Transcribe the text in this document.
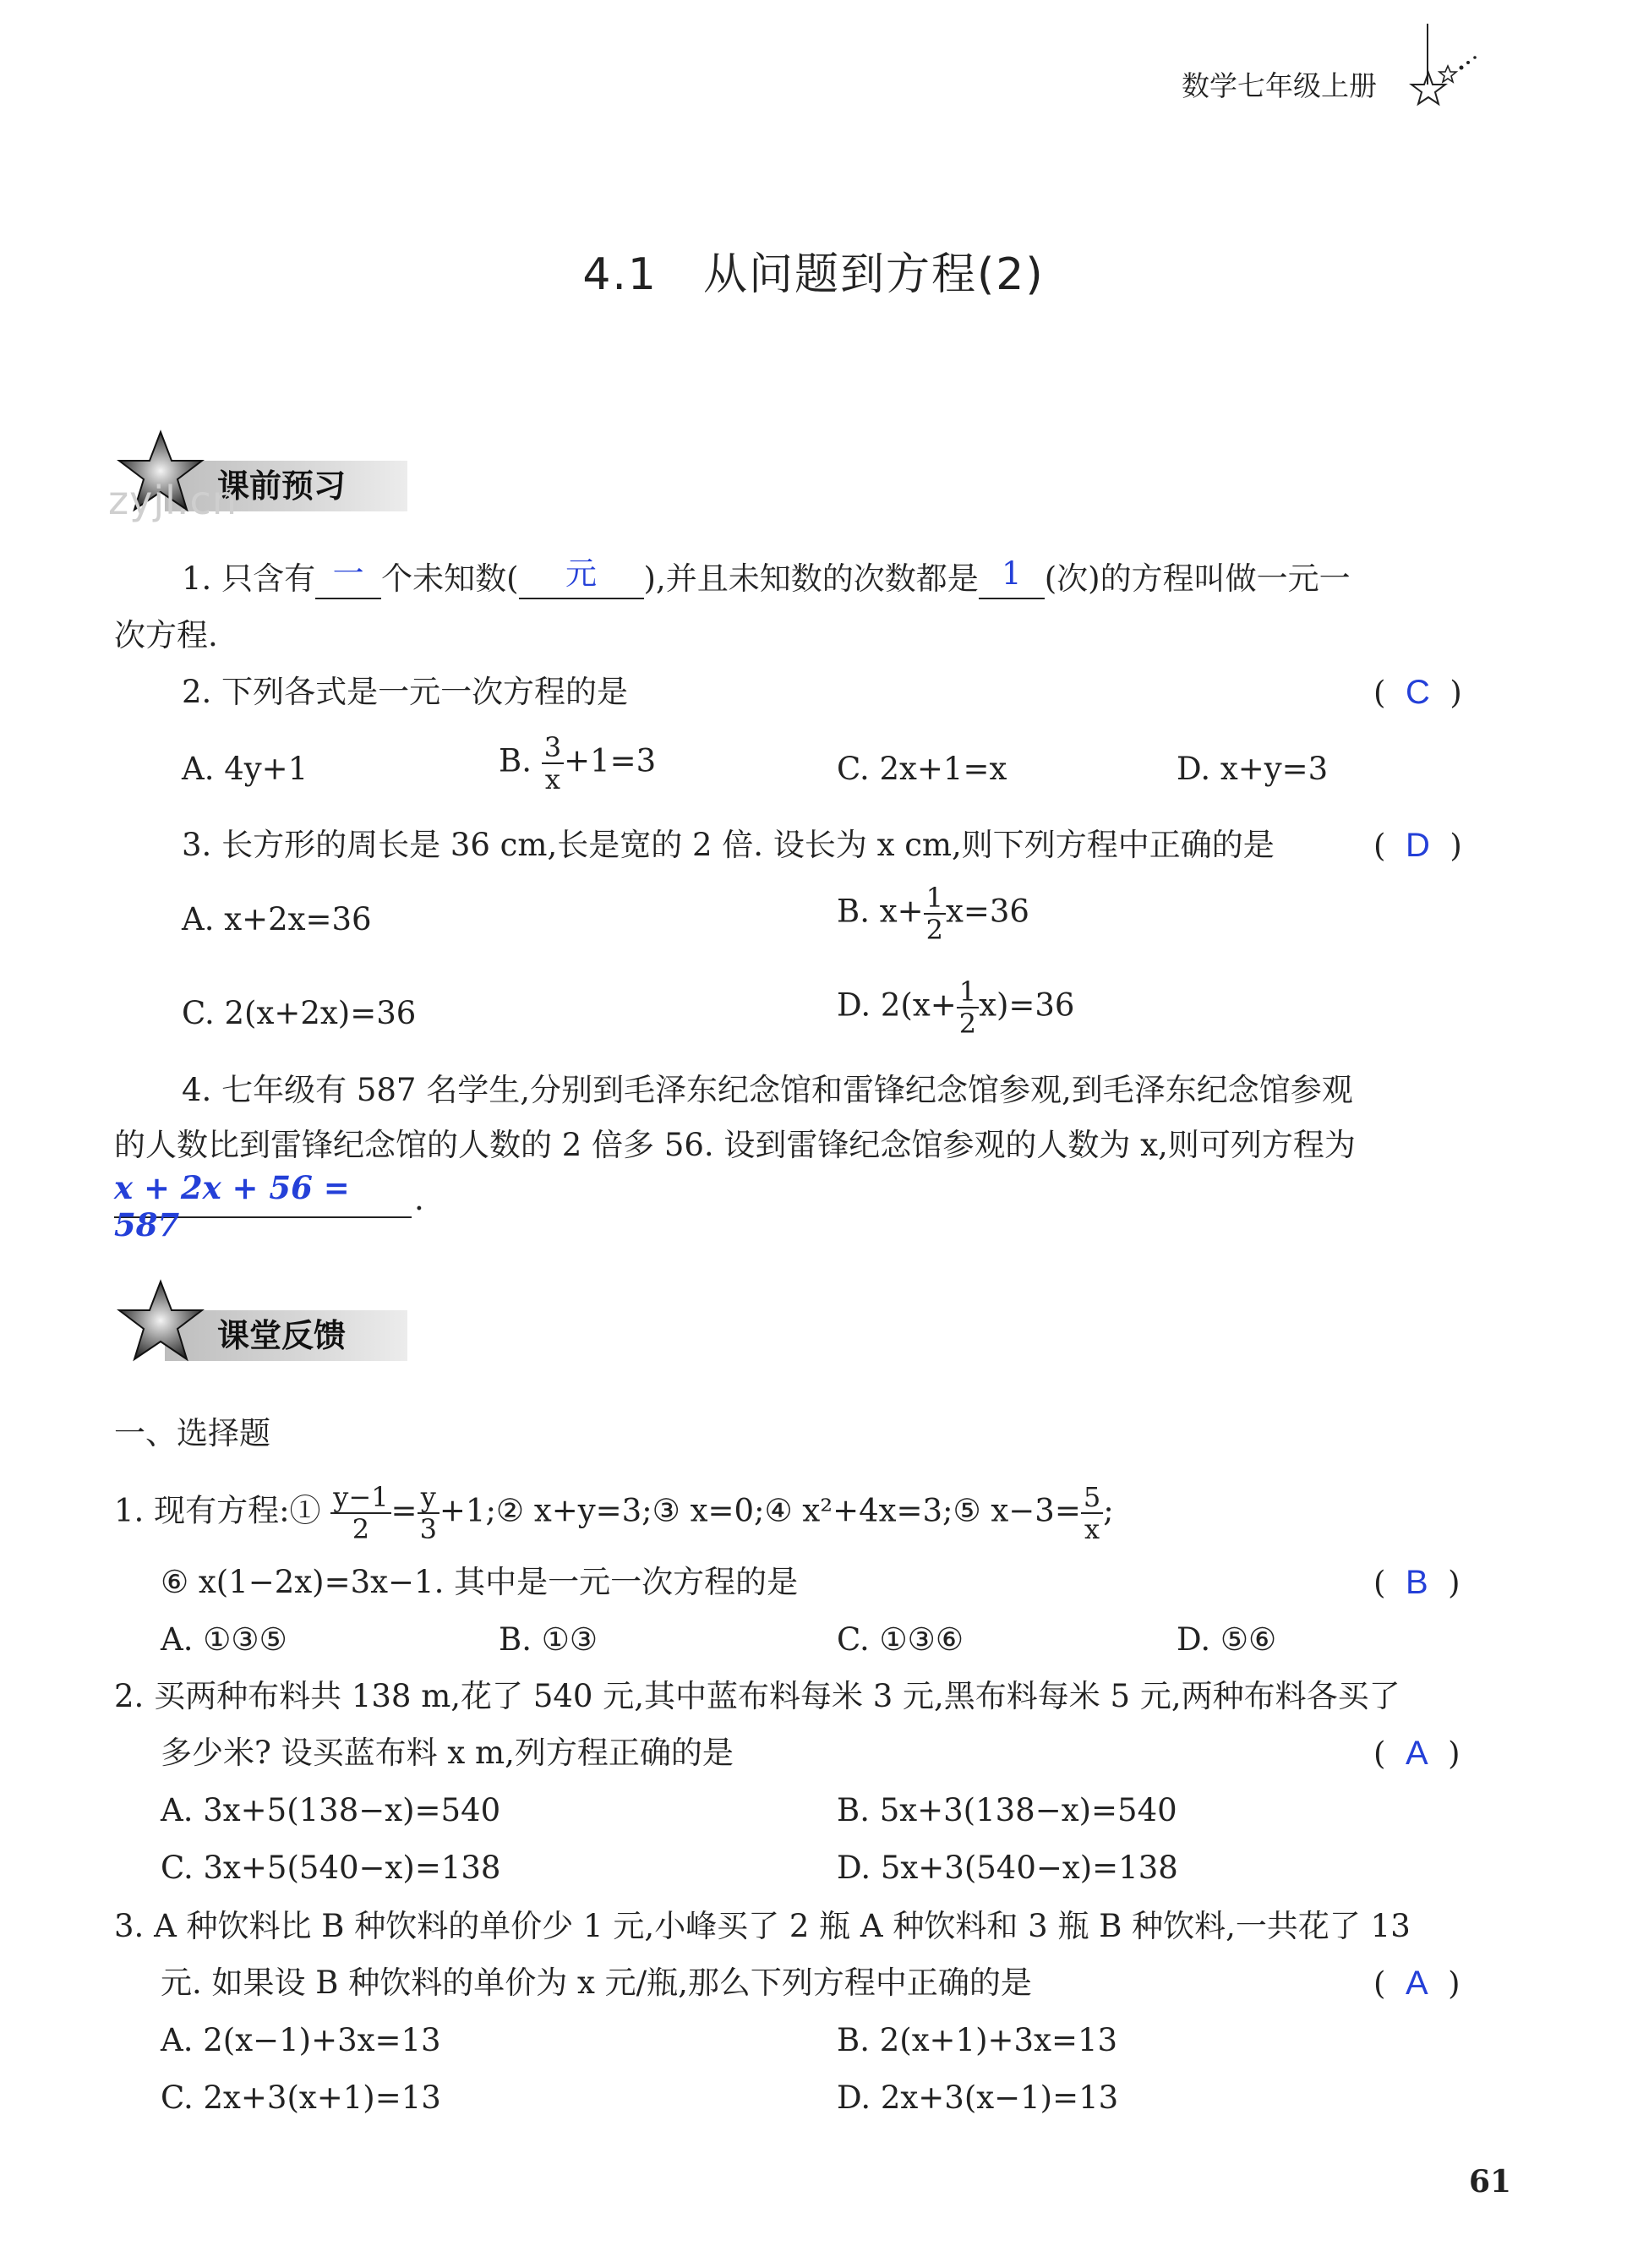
数学七年级上册
4.1　从问题到方程(2)
课前预习
zyjl.cn
1. 只含有 一 个未知数( 元 ),并且未知数的次数都是 1 (次)的方程叫做一元一
次方程.
2. 下列各式是一元一次方程的是	(  C  )
A. 4y+1	B. $\frac{3}{x} +1=3$	C. 2x+1=x	D. x+y=3
3. 长方形的周长是 36 cm,长是宽的 2 倍. 设长为 x cm,则下列方程中正确的是	(  D  )
A. x+2x=36	B. $x+ \frac{1}{2} x=36$
C. 2(x+2x)=36	D. $2(x+ \frac{1}{2} x)=36$
4. 七年级有 587 名学生,分别到毛泽东纪念馆和雷锋纪念馆参观,到毛泽东纪念馆参观
的人数比到雷锋纪念馆的人数的 2 倍多 56. 设到雷锋纪念馆参观的人数为 x,则可列方程为
x + 2x + 56 = 587
.
课堂反馈
一、选择题
1. 现有方程:① $\frac{y-1}{2} = \frac{y}{3}$ +1;② x+y=3;③ x=0;④ x²+4x=3;⑤ $x-3= \frac{5}{x}$ ;
⑥ x(1−2x)=3x−1. 其中是一元一次方程的是	(  B  )
A. ①③⑤	B. ①③	C. ①③⑥	D. ⑤⑥
2. 买两种布料共 138 m,花了 540 元,其中蓝布料每米 3 元,黑布料每米 5 元,两种布料各买了
多少米? 设买蓝布料 x m,列方程正确的是	(  A  )
A. 3x+5(138−x)=540	B. 5x+3(138−x)=540
C. 3x+5(540−x)=138	D. 5x+3(540−x)=138
3. A 种饮料比 B 种饮料的单价少 1 元,小峰买了 2 瓶 A 种饮料和 3 瓶 B 种饮料,一共花了 13
元. 如果设 B 种饮料的单价为 x 元/瓶,那么下列方程中正确的是	(  A  )
A. 2(x−1)+3x=13	B. 2(x+1)+3x=13
C. 2x+3(x+1)=13	D. 2x+3(x−1)=13
61
